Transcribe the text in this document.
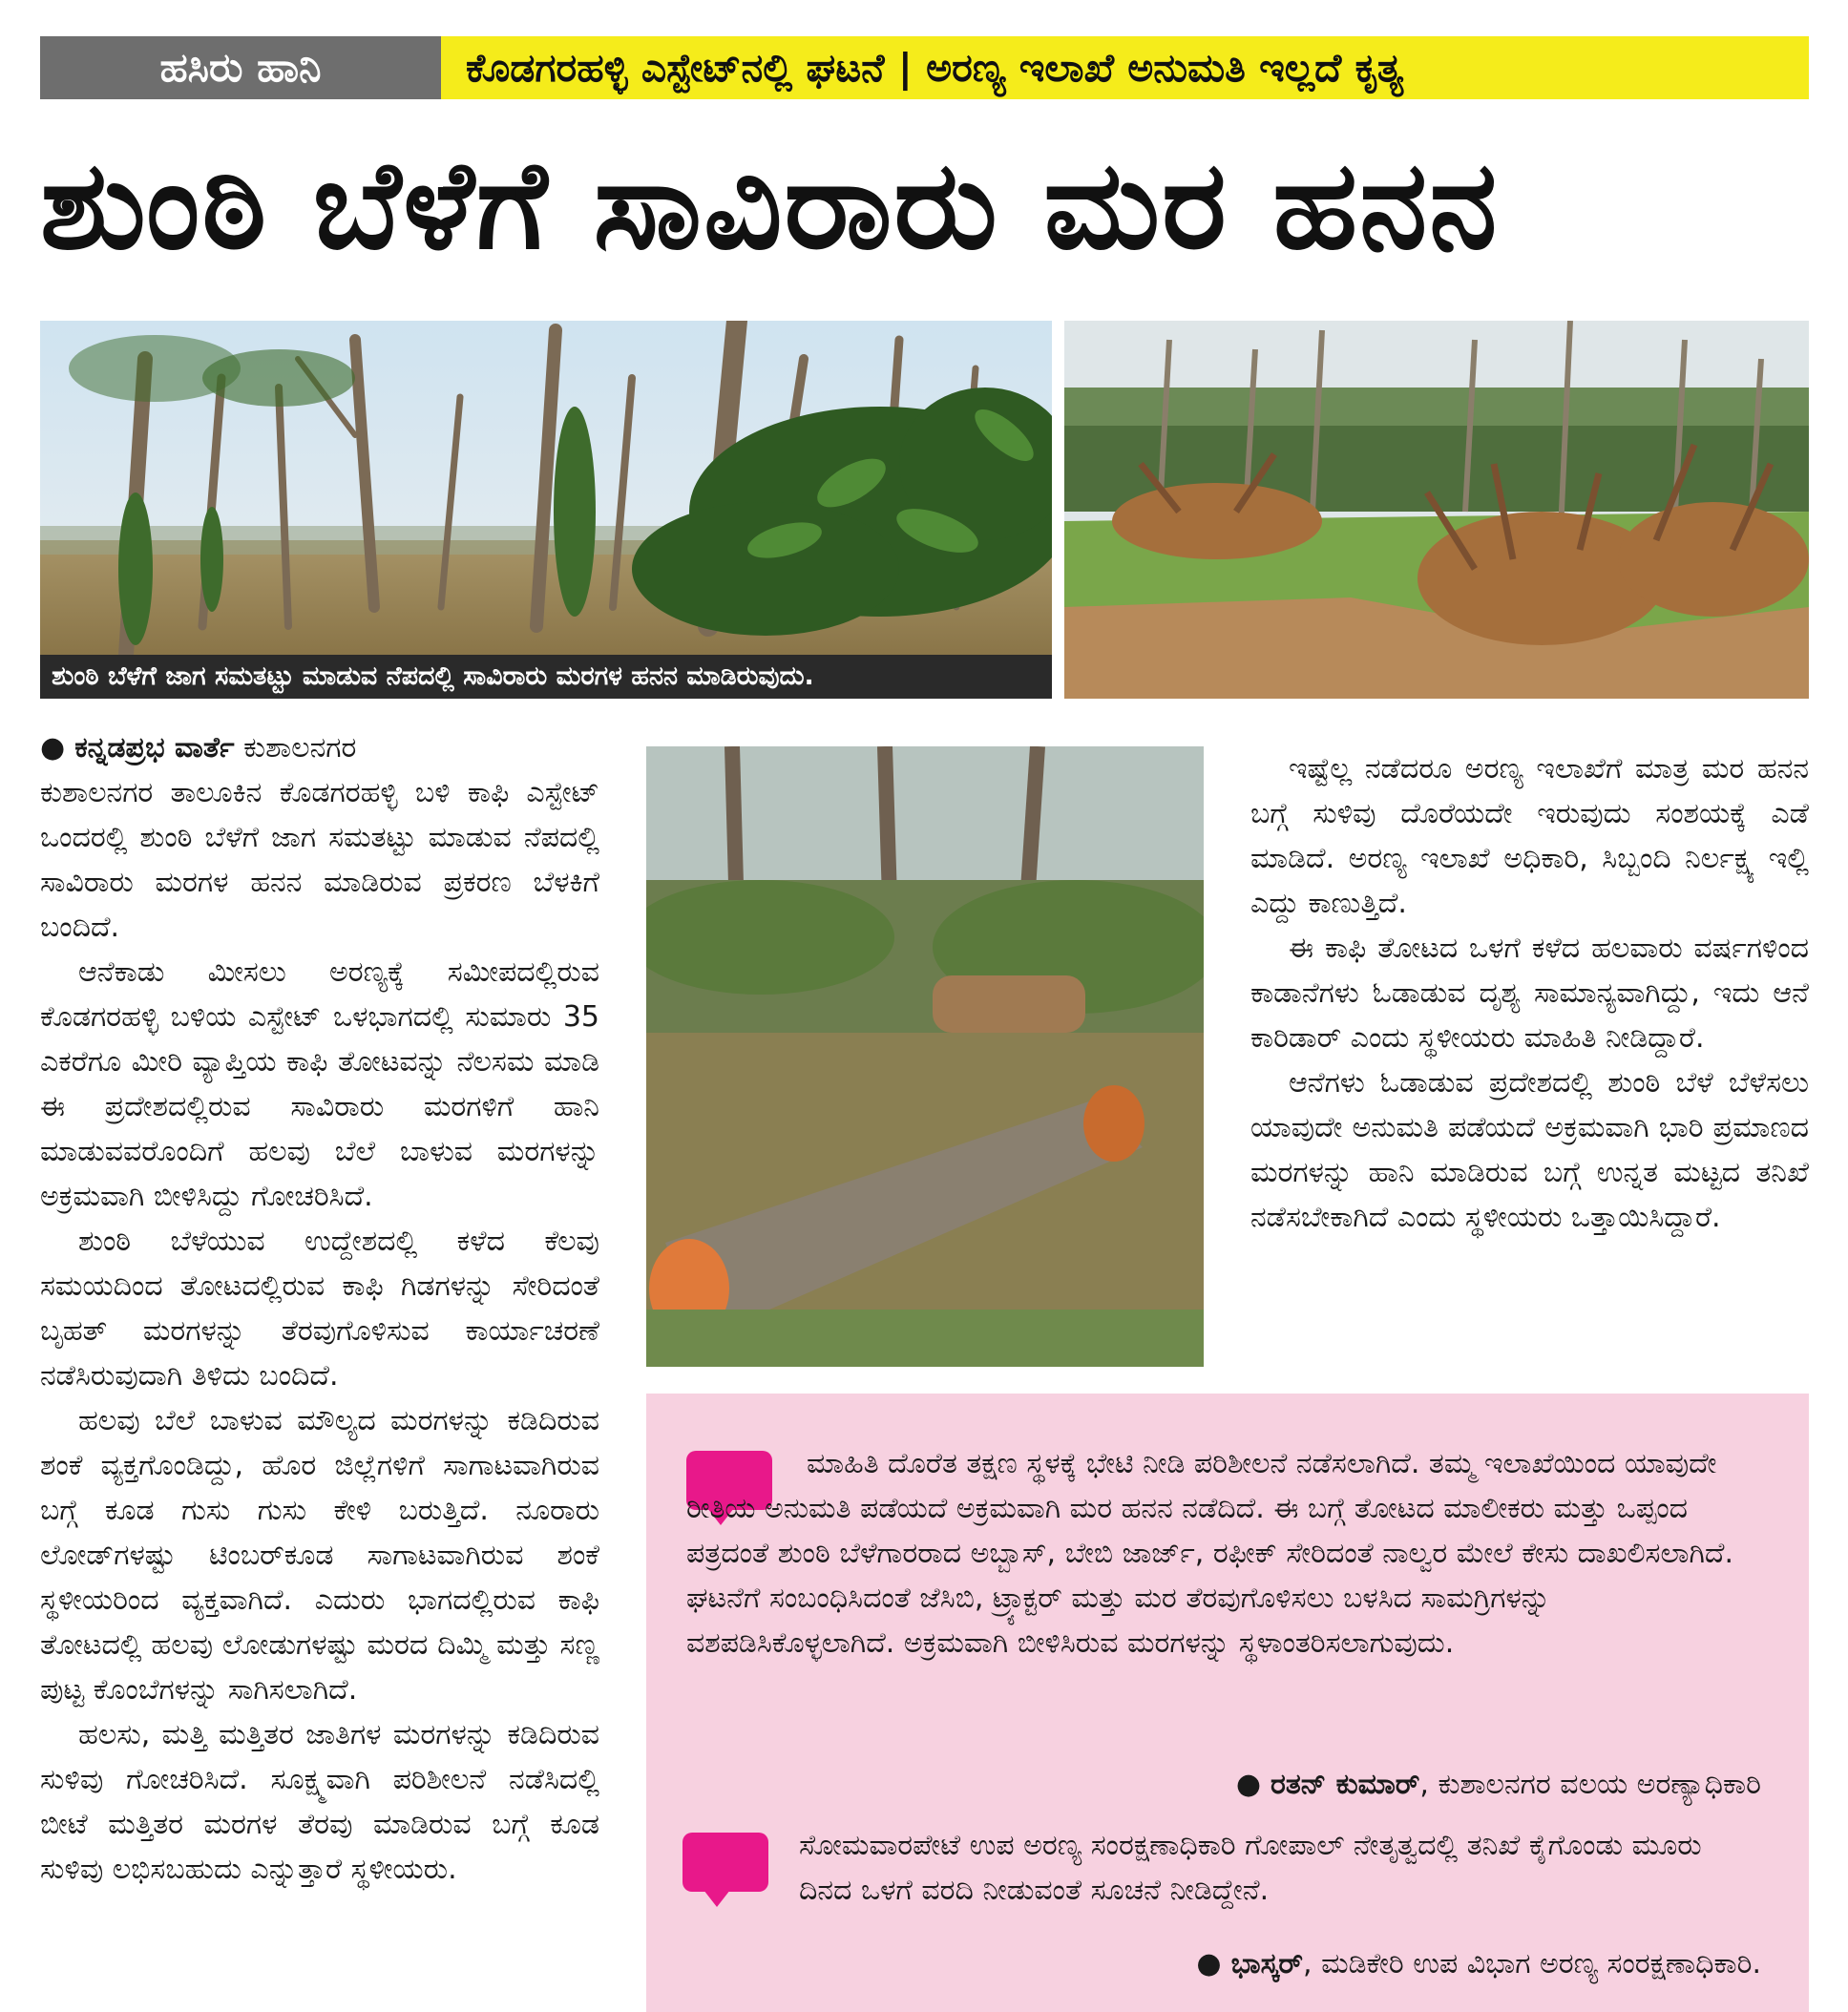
ಹಸಿರು ಹಾನಿ	ಕೊಡಗರಹಳ್ಳಿ ಎಸ್ಟೇಟ್‌ನಲ್ಲಿ ಘಟನೆ | ಅರಣ್ಯ ಇಲಾಖೆ ಅನುಮತಿ ಇಲ್ಲದೆ ಕೃತ್ಯ
ಶುಂಠಿ ಬೆಳೆಗೆ ಸಾವಿರಾರು ಮರ ಹನನ
ಶುಂಠಿ ಬೆಳೆಗೆ ಜಾಗ ಸಮತಟ್ಟು ಮಾಡುವ ನೆಪದಲ್ಲಿ ಸಾವಿರಾರು ಮರಗಳ ಹನನ ಮಾಡಿರುವುದು.

● ಕನ್ನಡಪ್ರಭ ವಾರ್ತೆ ಕುಶಾಲನಗರ

ಕುಶಾಲನಗರ ತಾಲೂಕಿನ ಕೊಡಗರಹಳ್ಳಿ ಬಳಿ ಕಾಫಿ ಎಸ್ಟೇಟ್ ಒಂದರಲ್ಲಿ ಶುಂಠಿ ಬೆಳೆಗೆ ಜಾಗ ಸಮತಟ್ಟು ಮಾಡುವ ನೆಪದಲ್ಲಿ ಸಾವಿರಾರು ಮರಗಳ ಹನನ ಮಾಡಿರುವ ಪ್ರಕರಣ ಬೆಳಕಿಗೆ ಬಂದಿದೆ.

ಆನೆಕಾಡು ಮೀಸಲು ಅರಣ್ಯಕ್ಕೆ ಸಮೀಪದಲ್ಲಿರುವ ಕೊಡಗರಹಳ್ಳಿ ಬಳಿಯ ಎಸ್ಟೇಟ್ ಒಳಭಾಗದಲ್ಲಿ ಸುಮಾರು 35 ಎಕರೆಗೂ ಮೀರಿ ವ್ಯಾಪ್ತಿಯ ಕಾಫಿ ತೋಟವನ್ನು ನೆಲಸಮ ಮಾಡಿ ಈ ಪ್ರದೇಶದಲ್ಲಿರುವ ಸಾವಿರಾರು ಮರಗಳಿಗೆ ಹಾನಿ ಮಾಡುವವರೊಂದಿಗೆ ಹಲವು ಬೆಲೆ ಬಾಳುವ ಮರಗಳನ್ನು ಅಕ್ರಮವಾಗಿ ಬೀಳಿಸಿದ್ದು ಗೋಚರಿಸಿದೆ.

ಶುಂಠಿ ಬೆಳೆಯುವ ಉದ್ದೇಶದಲ್ಲಿ ಕಳೆದ ಕೆಲವು ಸಮಯದಿಂದ ತೋಟದಲ್ಲಿರುವ ಕಾಫಿ ಗಿಡಗಳನ್ನು ಸೇರಿದಂತೆ ಬೃಹತ್ ಮರಗಳನ್ನು ತೆರವುಗೊಳಿಸುವ ಕಾರ್ಯಾಚರಣೆ ನಡೆಸಿರುವುದಾಗಿ ತಿಳಿದು ಬಂದಿದೆ.

ಹಲವು ಬೆಲೆ ಬಾಳುವ ಮೌಲ್ಯದ ಮರಗಳನ್ನು ಕಡಿದಿರುವ ಶಂಕೆ ವ್ಯಕ್ತಗೊಂಡಿದ್ದು, ಹೊರ ಜಿಲ್ಲೆಗಳಿಗೆ ಸಾಗಾಟವಾಗಿರುವ ಬಗ್ಗೆ ಕೂಡ ಗುಸು ಗುಸು ಕೇಳಿ ಬರುತ್ತಿದೆ. ನೂರಾರು ಲೋಡ್‌ಗಳಷ್ಟು ಟಿಂಬರ್‌ಕೂಡ ಸಾಗಾಟವಾಗಿರುವ ಶಂಕೆ ಸ್ಥಳೀಯರಿಂದ ವ್ಯಕ್ತವಾಗಿದೆ. ಎದುರು ಭಾಗದಲ್ಲಿರುವ ಕಾಫಿ ತೋಟದಲ್ಲಿ ಹಲವು ಲೋಡುಗಳಷ್ಟು ಮರದ ದಿಮ್ಮಿ ಮತ್ತು ಸಣ್ಣ ಪುಟ್ಟ ಕೊಂಬೆಗಳನ್ನು ಸಾಗಿಸಲಾಗಿದೆ.

ಹಲಸು, ಮತ್ತಿ ಮತ್ತಿತರ ಜಾತಿಗಳ ಮರಗಳನ್ನು ಕಡಿದಿರುವ ಸುಳಿವು ಗೋಚರಿಸಿದೆ. ಸೂಕ್ಷ್ಮವಾಗಿ ಪರಿಶೀಲನೆ ನಡೆಸಿದಲ್ಲಿ ಬೀಟೆ ಮತ್ತಿತರ ಮರಗಳ ತೆರವು ಮಾಡಿರುವ ಬಗ್ಗೆ ಕೂಡ ಸುಳಿವು ಲಭಿಸಬಹುದು ಎನ್ನುತ್ತಾರೆ ಸ್ಥಳೀಯರು.

ಇಷ್ಟೆಲ್ಲ ನಡೆದರೂ ಅರಣ್ಯ ಇಲಾಖೆಗೆ ಮಾತ್ರ ಮರ ಹನನ ಬಗ್ಗೆ ಸುಳಿವು ದೊರೆಯದೇ ಇರುವುದು ಸಂಶಯಕ್ಕೆ ಎಡೆ ಮಾಡಿದೆ. ಅರಣ್ಯ ಇಲಾಖೆ ಅಧಿಕಾರಿ, ಸಿಬ್ಬಂದಿ ನಿರ್ಲಕ್ಷ್ಯ ಇಲ್ಲಿ ಎದ್ದು ಕಾಣುತ್ತಿದೆ.

ಈ ಕಾಫಿ ತೋಟದ ಒಳಗೆ ಕಳೆದ ಹಲವಾರು ವರ್ಷಗಳಿಂದ ಕಾಡಾನೆಗಳು ಓಡಾಡುವ ದೃಶ್ಯ ಸಾಮಾನ್ಯವಾಗಿದ್ದು, ಇದು ಆನೆ ಕಾರಿಡಾರ್ ಎಂದು ಸ್ಥಳೀಯರು ಮಾಹಿತಿ ನೀಡಿದ್ದಾರೆ.

ಆನೆಗಳು ಓಡಾಡುವ ಪ್ರದೇಶದಲ್ಲಿ ಶುಂಠಿ ಬೆಳೆ ಬೆಳೆಸಲು ಯಾವುದೇ ಅನುಮತಿ ಪಡೆಯದೆ ಅಕ್ರಮವಾಗಿ ಭಾರಿ ಪ್ರಮಾಣದ ಮರಗಳನ್ನು ಹಾನಿ ಮಾಡಿರುವ ಬಗ್ಗೆ ಉನ್ನತ ಮಟ್ಟದ ತನಿಖೆ ನಡೆಸಬೇಕಾಗಿದೆ ಎಂದು ಸ್ಥಳೀಯರು ಒತ್ತಾಯಿಸಿದ್ದಾರೆ.

ಮಾಹಿತಿ ದೊರೆತ ತಕ್ಷಣ ಸ್ಥಳಕ್ಕೆ ಭೇಟಿ ನೀಡಿ ಪರಿಶೀಲನೆ ನಡೆಸಲಾಗಿದೆ. ತಮ್ಮ ಇಲಾಖೆಯಿಂದ ಯಾವುದೇ ರೀತಿಯ ಅನುಮತಿ ಪಡೆಯದೆ ಅಕ್ರಮವಾಗಿ ಮರ ಹನನ ನಡೆದಿದೆ. ಈ ಬಗ್ಗೆ ತೋಟದ ಮಾಲೀಕರು ಮತ್ತು ಒಪ್ಪಂದ ಪತ್ರದಂತೆ ಶುಂಠಿ ಬೆಳೆಗಾರರಾದ ಅಬ್ಬಾಸ್, ಬೇಬಿ ಜಾರ್ಜ್, ರಫೀಕ್ ಸೇರಿದಂತೆ ನಾಲ್ವರ ಮೇಲೆ ಕೇಸು ದಾಖಲಿಸಲಾಗಿದೆ. ಘಟನೆಗೆ ಸಂಬಂಧಿಸಿದಂತೆ ಜೆಸಿಬಿ, ಟ್ರ್ಯಾಕ್ಟರ್ ಮತ್ತು ಮರ ತೆರವುಗೊಳಿಸಲು ಬಳಸಿದ ಸಾಮಗ್ರಿಗಳನ್ನು ವಶಪಡಿಸಿಕೊಳ್ಳಲಾಗಿದೆ. ಅಕ್ರಮವಾಗಿ ಬೀಳಿಸಿರುವ ಮರಗಳನ್ನು ಸ್ಥಳಾಂತರಿಸಲಾಗುವುದು.
● ರತನ್ ಕುಮಾರ್, ಕುಶಾಲನಗರ ವಲಯ ಅರಣ್ಯಾಧಿಕಾರಿ
ಸೋಮವಾರಪೇಟೆ ಉಪ ಅರಣ್ಯ ಸಂರಕ್ಷಣಾಧಿಕಾರಿ ಗೋಪಾಲ್ ನೇತೃತ್ವದಲ್ಲಿ ತನಿಖೆ ಕೈಗೊಂಡು ಮೂರು ದಿನದ ಒಳಗೆ ವರದಿ ನೀಡುವಂತೆ ಸೂಚನೆ ನೀಡಿದ್ದೇನೆ.
● ಭಾಸ್ಕರ್, ಮಡಿಕೇರಿ ಉಪ ವಿಭಾಗ ಅರಣ್ಯ ಸಂರಕ್ಷಣಾಧಿಕಾರಿ.
